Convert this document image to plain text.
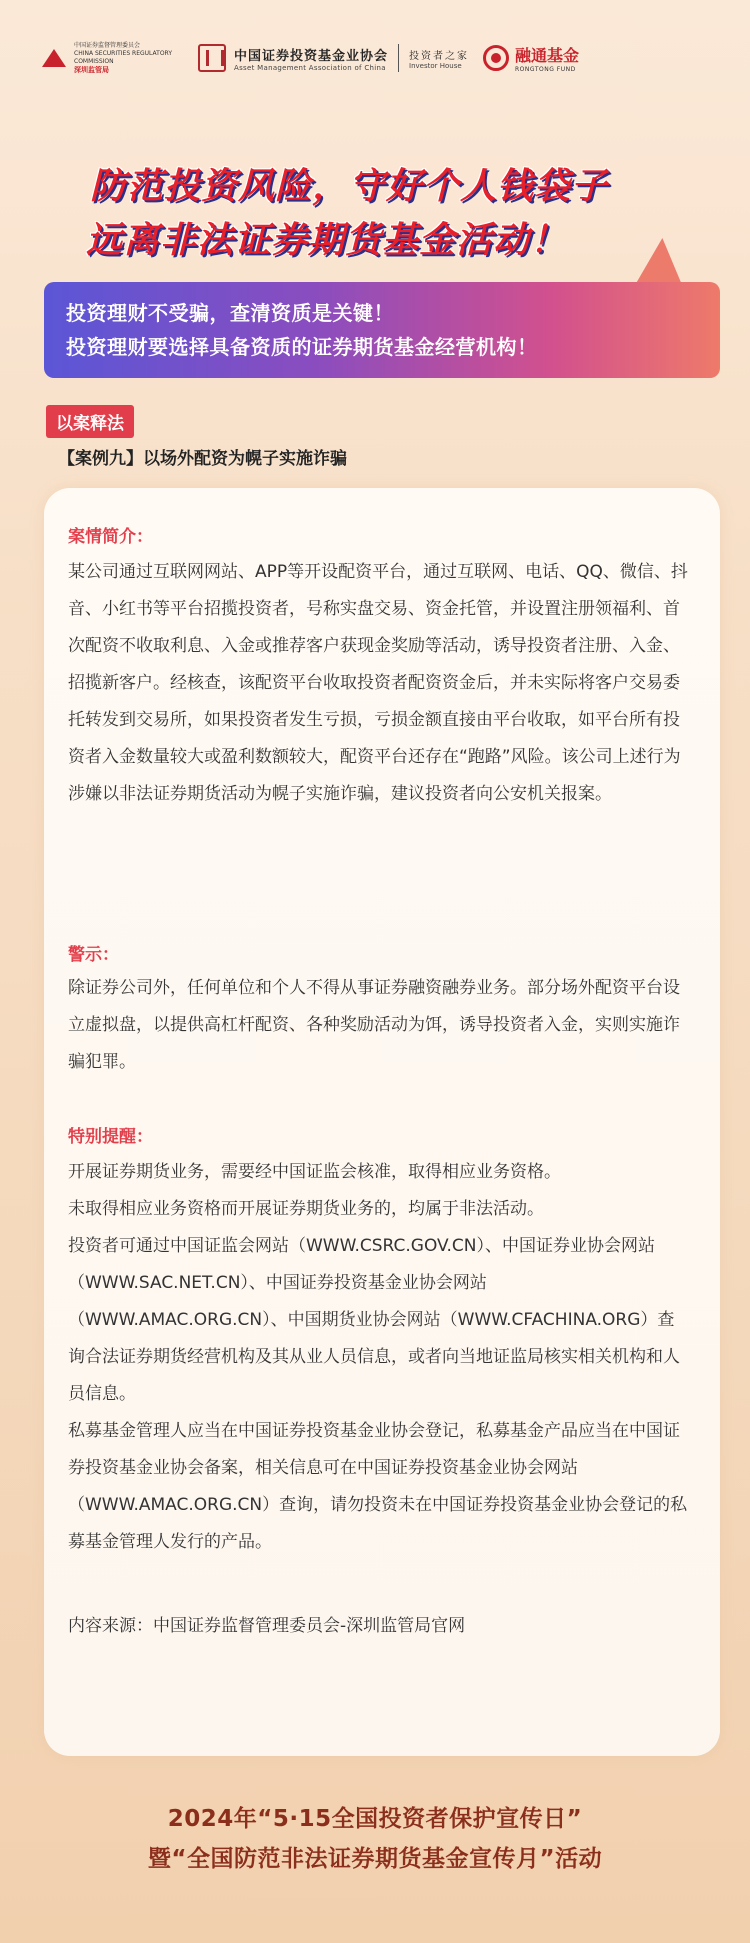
中国证券监督管理委员会
CHINA SECURITIES REGULATORY COMMISSION
深圳监管局
中国证券投资基金业协会
Asset Management Association of China
投资者之家
Investor House
融通基金
RONGTONG FUND
防范投资风险，守好个人钱袋子
远离非法证券期货基金活动！
投资理财不受骗，查清资质是关键！
投资理财要选择具备资质的证券期货基金经营机构！
以案释法
【案例九】以场外配资为幌子实施诈骗
案情简介：
某公司通过互联网网站、APP等开设配资平台，通过互联网、电话、QQ、微信、抖音、小红书等平台招揽投资者，号称实盘交易、资金托管，并设置注册领福利、首次配资不收取利息、入金或推荐客户获现金奖励等活动，诱导投资者注册、入金、招揽新客户。经核查，该配资平台收取投资者配资资金后，并未实际将客户交易委托转发到交易所，如果投资者发生亏损，亏损金额直接由平台收取，如平台所有投资者入金数量较大或盈利数额较大，配资平台还存在“跑路”风险。该公司上述行为涉嫌以非法证券期货活动为幌子实施诈骗，建议投资者向公安机关报案。
警示：
除证券公司外，任何单位和个人不得从事证券融资融券业务。部分场外配资平台设立虚拟盘，以提供高杠杆配资、各种奖励活动为饵，诱导投资者入金，实则实施诈骗犯罪。
特别提醒：
开展证券期货业务，需要经中国证监会核准，取得相应业务资格。
未取得相应业务资格而开展证券期货业务的，均属于非法活动。
投资者可通过中国证监会网站（WWW.CSRC.GOV.CN）、中国证券业协会网站（WWW.SAC.NET.CN）、中国证券投资基金业协会网站（WWW.AMAC.ORG.CN）、中国期货业协会网站（WWW.CFACHINA.ORG）查询合法证券期货经营机构及其从业人员信息，或者向当地证监局核实相关机构和人员信息。
私募基金管理人应当在中国证券投资基金业协会登记，私募基金产品应当在中国证券投资基金业协会备案，相关信息可在中国证券投资基金业协会网站（WWW.AMAC.ORG.CN）查询，请勿投资未在中国证券投资基金业协会登记的私募基金管理人发行的产品。
内容来源：中国证券监督管理委员会-深圳监管局官网
2024年“5·15全国投资者保护宣传日”
暨“全国防范非法证券期货基金宣传月”活动
